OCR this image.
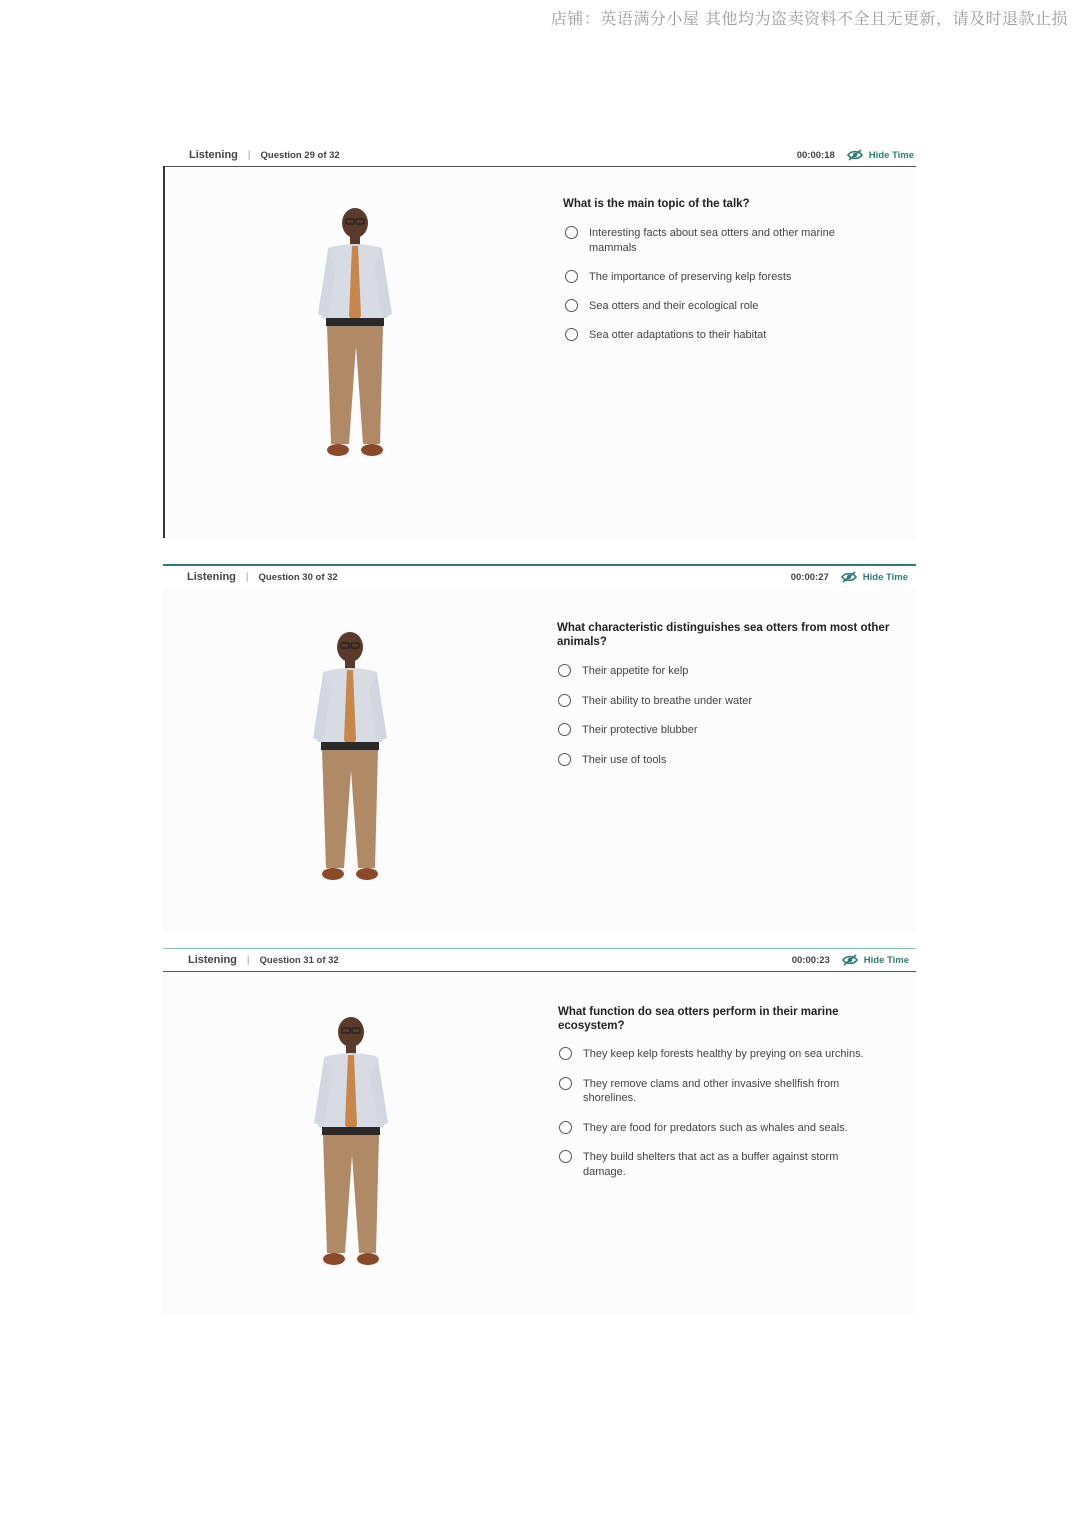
店铺：英语满分小屋 其他均为盗卖资料不全且无更新，请及时退款止损
Listening | Question 29 of 32	00:00:18	Hide Time
What is the main topic of the talk?
Interesting facts about sea otters and other marine mammals
The importance of preserving kelp forests
Sea otters and their ecological role
Sea otter adaptations to their habitat
Listening | Question 30 of 32	00:00:27	Hide Time
What characteristic distinguishes sea otters from most other animals?
Their appetite for kelp
Their ability to breathe under water
Their protective blubber
Their use of tools
Listening | Question 31 of 32	00:00:23	Hide Time
What function do sea otters perform in their marine ecosystem?
They keep kelp forests healthy by preying on sea urchins.
They remove clams and other invasive shellfish from shorelines.
They are food for predators such as whales and seals.
They build shelters that act as a buffer against storm damage.
